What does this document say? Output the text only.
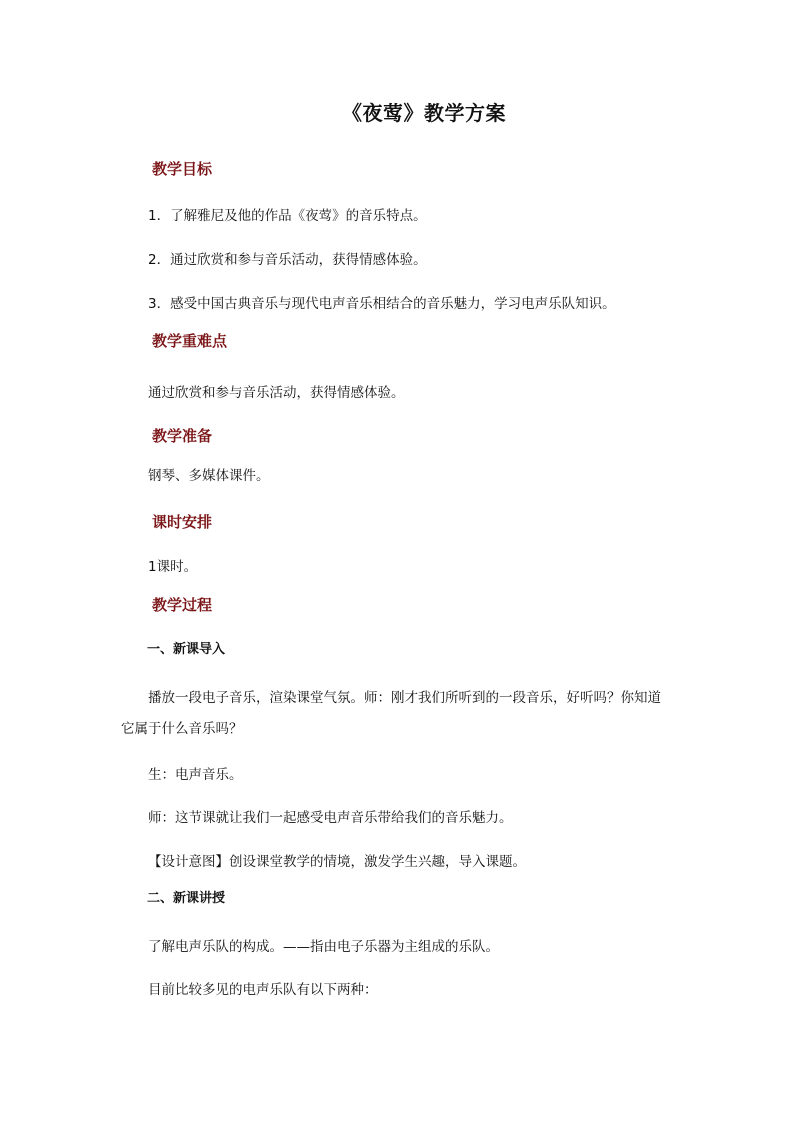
《夜莺》教学方案
教学目标

1．了解雅尼及他的作品《夜莺》的音乐特点。

2．通过欣赏和参与音乐活动，获得情感体验。

3．感受中国古典音乐与现代电声音乐相结合的音乐魅力，学习电声乐队知识。

教学重难点

通过欣赏和参与音乐活动，获得情感体验。

教学准备

钢琴、多媒体课件。

课时安排

1课时。

教学过程
一、新课导入

播放一段电子音乐，渲染课堂气氛。师：刚才我们所听到的一段音乐，好听吗？你知道

它属于什么音乐吗？

生：电声音乐。

师：这节课就让我们一起感受电声音乐带给我们的音乐魅力。

【设计意图】创设课堂教学的情境，激发学生兴趣，导入课题。

二、新课讲授

了解电声乐队的构成。——指由电子乐器为主组成的乐队。

目前比较多见的电声乐队有以下两种：
